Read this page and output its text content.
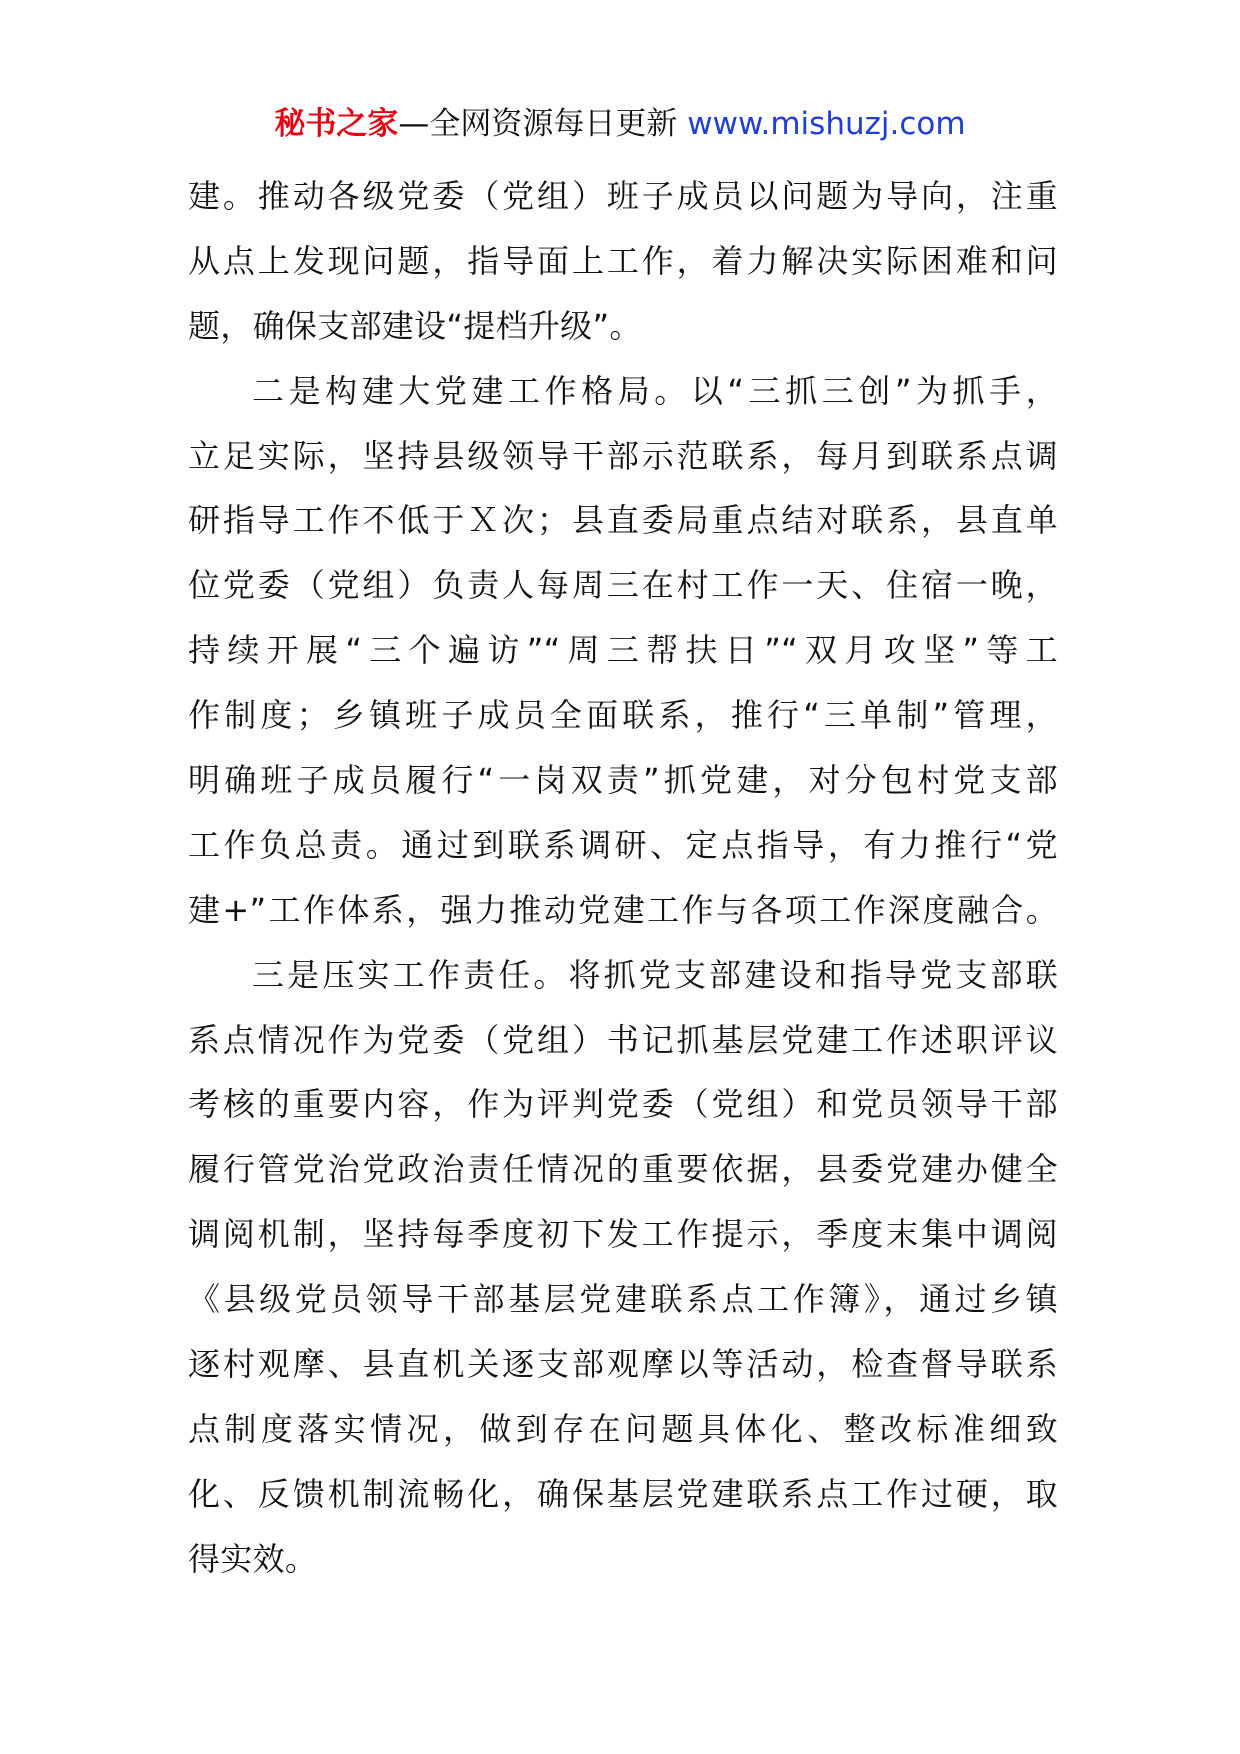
秘书之家—全网资源每日更新 www.mishuzj.com
建。推动各级党委（党组）班子成员以问题为导向，注重
从点上发现问题，指导面上工作，着力解决实际困难和问
题，确保支部建设“提档升级”。
二是构建大党建工作格局。以“三抓三创”为抓手，
立足实际，坚持县级领导干部示范联系，每月到联系点调
研指导工作不低于Ｘ次；县直委局重点结对联系，县直单
位党委（党组）负责人每周三在村工作一天、住宿一晚，
持续开展“三个遍访”“周三帮扶日”“双月攻坚”等工
作制度；乡镇班子成员全面联系，推行“三单制”管理，
明确班子成员履行“一岗双责”抓党建，对分包村党支部
工作负总责。通过到联系调研、定点指导，有力推行“党
建+”工作体系，强力推动党建工作与各项工作深度融合。
三是压实工作责任。将抓党支部建设和指导党支部联
系点情况作为党委（党组）书记抓基层党建工作述职评议
考核的重要内容，作为评判党委（党组）和党员领导干部
履行管党治党政治责任情况的重要依据，县委党建办健全
调阅机制，坚持每季度初下发工作提示，季度末集中调阅
《县级党员领导干部基层党建联系点工作簿》，通过乡镇
逐村观摩、县直机关逐支部观摩以等活动，检查督导联系
点制度落实情况，做到存在问题具体化、整改标准细致
化、反馈机制流畅化，确保基层党建联系点工作过硬，取
得实效。
